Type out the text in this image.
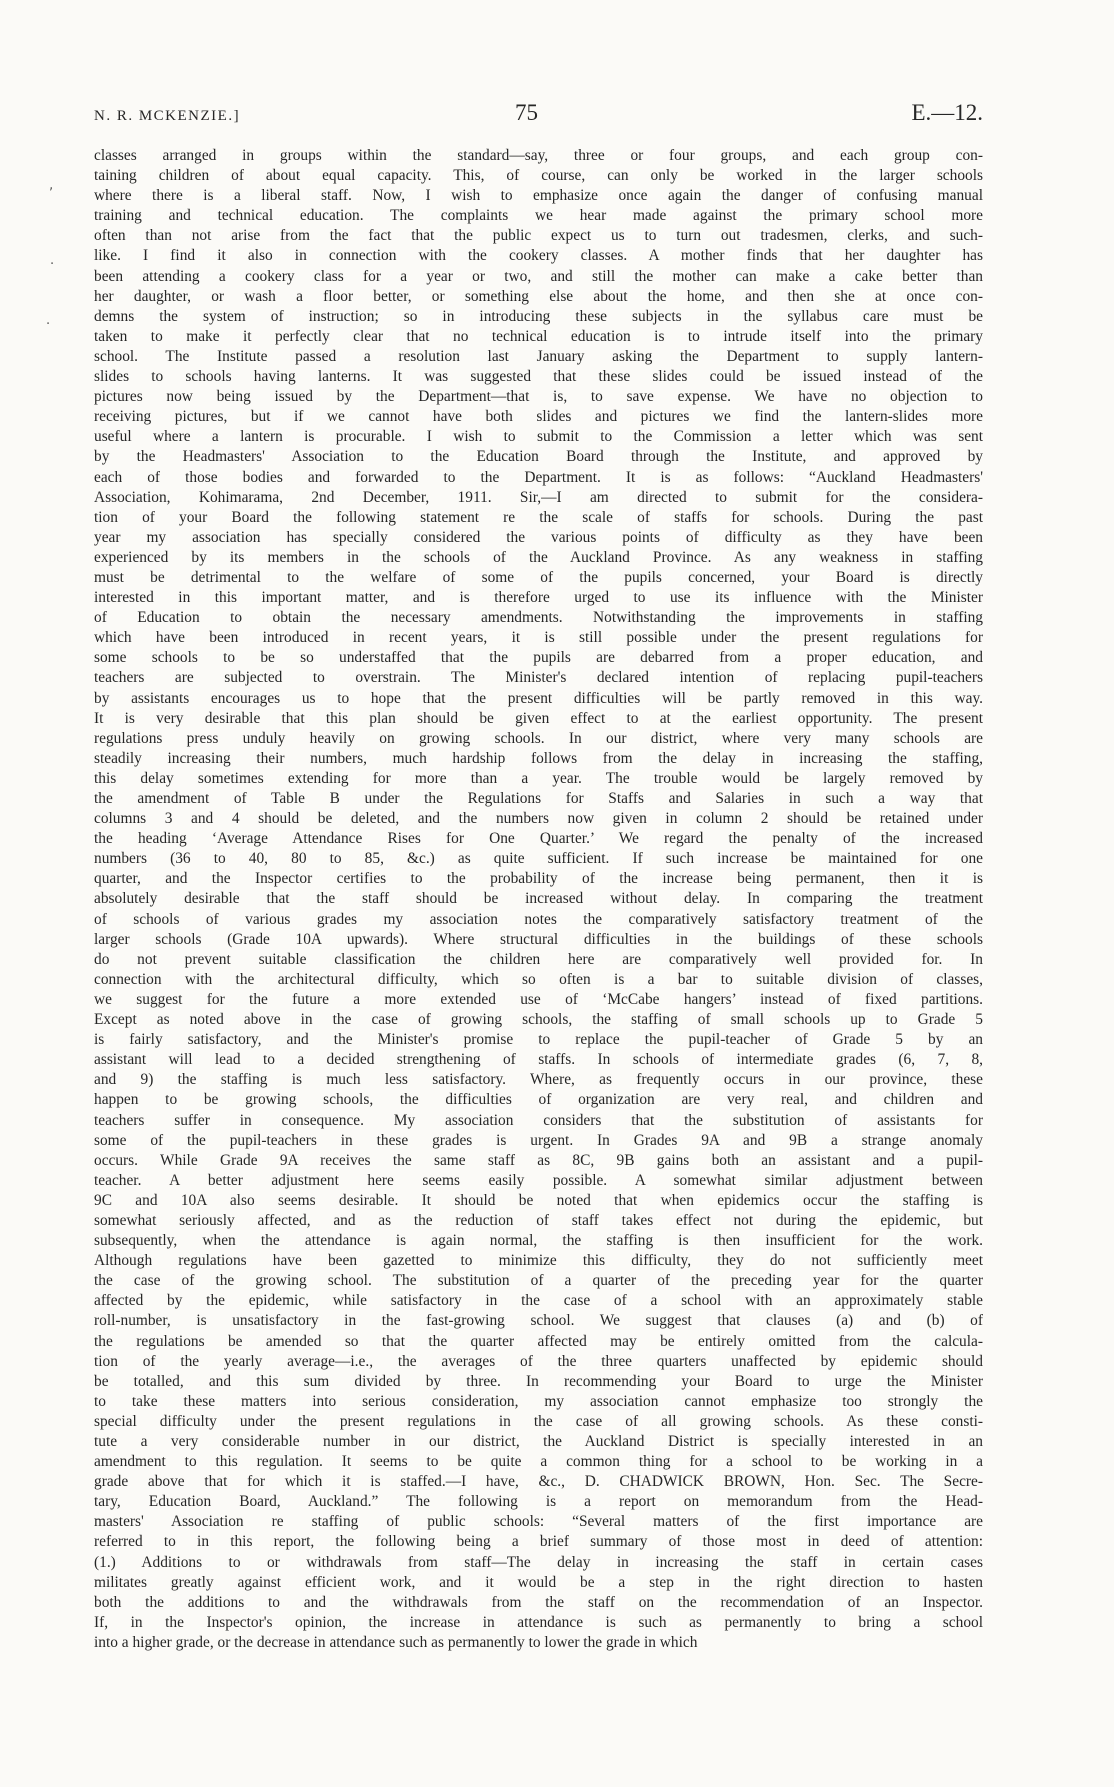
N. R. MCKENZIE.]	75	E.—12.
‚
·
·
classes arranged in groups within the standard—say, three or four groups, and each group con-
taining children of about equal capacity. This, of course, can only be worked in the larger schools
where there is a liberal staff. Now, I wish to emphasize once again the danger of confusing manual
training and technical education. The complaints we hear made against the primary school more
often than not arise from the fact that the public expect us to turn out tradesmen, clerks, and such-
like. I find it also in connection with the cookery classes. A mother finds that her daughter has
been attending a cookery class for a year or two, and still the mother can make a cake better than
her daughter, or wash a floor better, or something else about the home, and then she at once con-
demns the system of instruction; so in introducing these subjects in the syllabus care must be
taken to make it perfectly clear that no technical education is to intrude itself into the primary
school. The Institute passed a resolution last January asking the Department to supply lantern-
slides to schools having lanterns. It was suggested that these slides could be issued instead of the
pictures now being issued by the Department—that is, to save expense. We have no objection to
receiving pictures, but if we cannot have both slides and pictures we find the lantern-slides more
useful where a lantern is procurable. I wish to submit to the Commission a letter which was sent
by the Headmasters' Association to the Education Board through the Institute, and approved by
each of those bodies and forwarded to the Department. It is as follows: “Auckland Headmasters'
Association, Kohimarama, 2nd December, 1911. Sir,—I am directed to submit for the considera-
tion of your Board the following statement re the scale of staffs for schools. During the past
year my association has specially considered the various points of difficulty as they have been
experienced by its members in the schools of the Auckland Province. As any weakness in staffing
must be detrimental to the welfare of some of the pupils concerned, your Board is directly
interested in this important matter, and is therefore urged to use its influence with the Minister
of Education to obtain the necessary amendments. Notwithstanding the improvements in staffing
which have been introduced in recent years, it is still possible under the present regulations for
some schools to be so understaffed that the pupils are debarred from a proper education, and
teachers are subjected to overstrain. The Minister's declared intention of replacing pupil-teachers
by assistants encourages us to hope that the present difficulties will be partly removed in this way.
It is very desirable that this plan should be given effect to at the earliest opportunity. The present
regulations press unduly heavily on growing schools. In our district, where very many schools are
steadily increasing their numbers, much hardship follows from the delay in increasing the staffing,
this delay sometimes extending for more than a year. The trouble would be largely removed by
the amendment of Table B under the Regulations for Staffs and Salaries in such a way that
columns 3 and 4 should be deleted, and the numbers now given in column 2 should be retained under
the heading ‘Average Attendance Rises for One Quarter.’ We regard the penalty of the increased
numbers (36 to 40, 80 to 85, &c.) as quite sufficient. If such increase be maintained for one
quarter, and the Inspector certifies to the probability of the increase being permanent, then it is
absolutely desirable that the staff should be increased without delay. In comparing the treatment
of schools of various grades my association notes the comparatively satisfactory treatment of the
larger schools (Grade 10A upwards). Where structural difficulties in the buildings of these schools
do not prevent suitable classification the children here are comparatively well provided for. In
connection with the architectural difficulty, which so often is a bar to suitable division of classes,
we suggest for the future a more extended use of ‘McCabe hangers’ instead of fixed partitions.
Except as noted above in the case of growing schools, the staffing of small schools up to Grade 5
is fairly satisfactory, and the Minister's promise to replace the pupil-teacher of Grade 5 by an
assistant will lead to a decided strengthening of staffs. In schools of intermediate grades (6, 7, 8,
and 9) the staffing is much less satisfactory. Where, as frequently occurs in our province, these
happen to be growing schools, the difficulties of organization are very real, and children and
teachers suffer in consequence. My association considers that the substitution of assistants for
some of the pupil-teachers in these grades is urgent. In Grades 9A and 9B a strange anomaly
occurs. While Grade 9A receives the same staff as 8C, 9B gains both an assistant and a pupil-
teacher. A better adjustment here seems easily possible. A somewhat similar adjustment between
9C and 10A also seems desirable. It should be noted that when epidemics occur the staffing is
somewhat seriously affected, and as the reduction of staff takes effect not during the epidemic, but
subsequently, when the attendance is again normal, the staffing is then insufficient for the work.
Although regulations have been gazetted to minimize this difficulty, they do not sufficiently meet
the case of the growing school. The substitution of a quarter of the preceding year for the quarter
affected by the epidemic, while satisfactory in the case of a school with an approximately stable
roll-number, is unsatisfactory in the fast-growing school. We suggest that clauses (a) and (b) of
the regulations be amended so that the quarter affected may be entirely omitted from the calcula-
tion of the yearly average—i.e., the averages of the three quarters unaffected by epidemic should
be totalled, and this sum divided by three. In recommending your Board to urge the Minister
to take these matters into serious consideration, my association cannot emphasize too strongly the
special difficulty under the present regulations in the case of all growing schools. As these consti-
tute a very considerable number in our district, the Auckland District is specially interested in an
amendment to this regulation. It seems to be quite a common thing for a school to be working in a
grade above that for which it is staffed.—I have, &c., D. CHADWICK BROWN, Hon. Sec. The Secre-
tary, Education Board, Auckland.” The following is a report on memorandum from the Head-
masters' Association re staffing of public schools: “Several matters of the first importance are
referred to in this report, the following being a brief summary of those most in deed of attention:
(1.) Additions to or withdrawals from staff—The delay in increasing the staff in certain cases
militates greatly against efficient work, and it would be a step in the right direction to hasten
both the additions to and the withdrawals from the staff on the recommendation of an Inspector.
If, in the Inspector's opinion, the increase in attendance is such as permanently to bring a school
into a higher grade, or the decrease in attendance such as permanently to lower the grade in which
